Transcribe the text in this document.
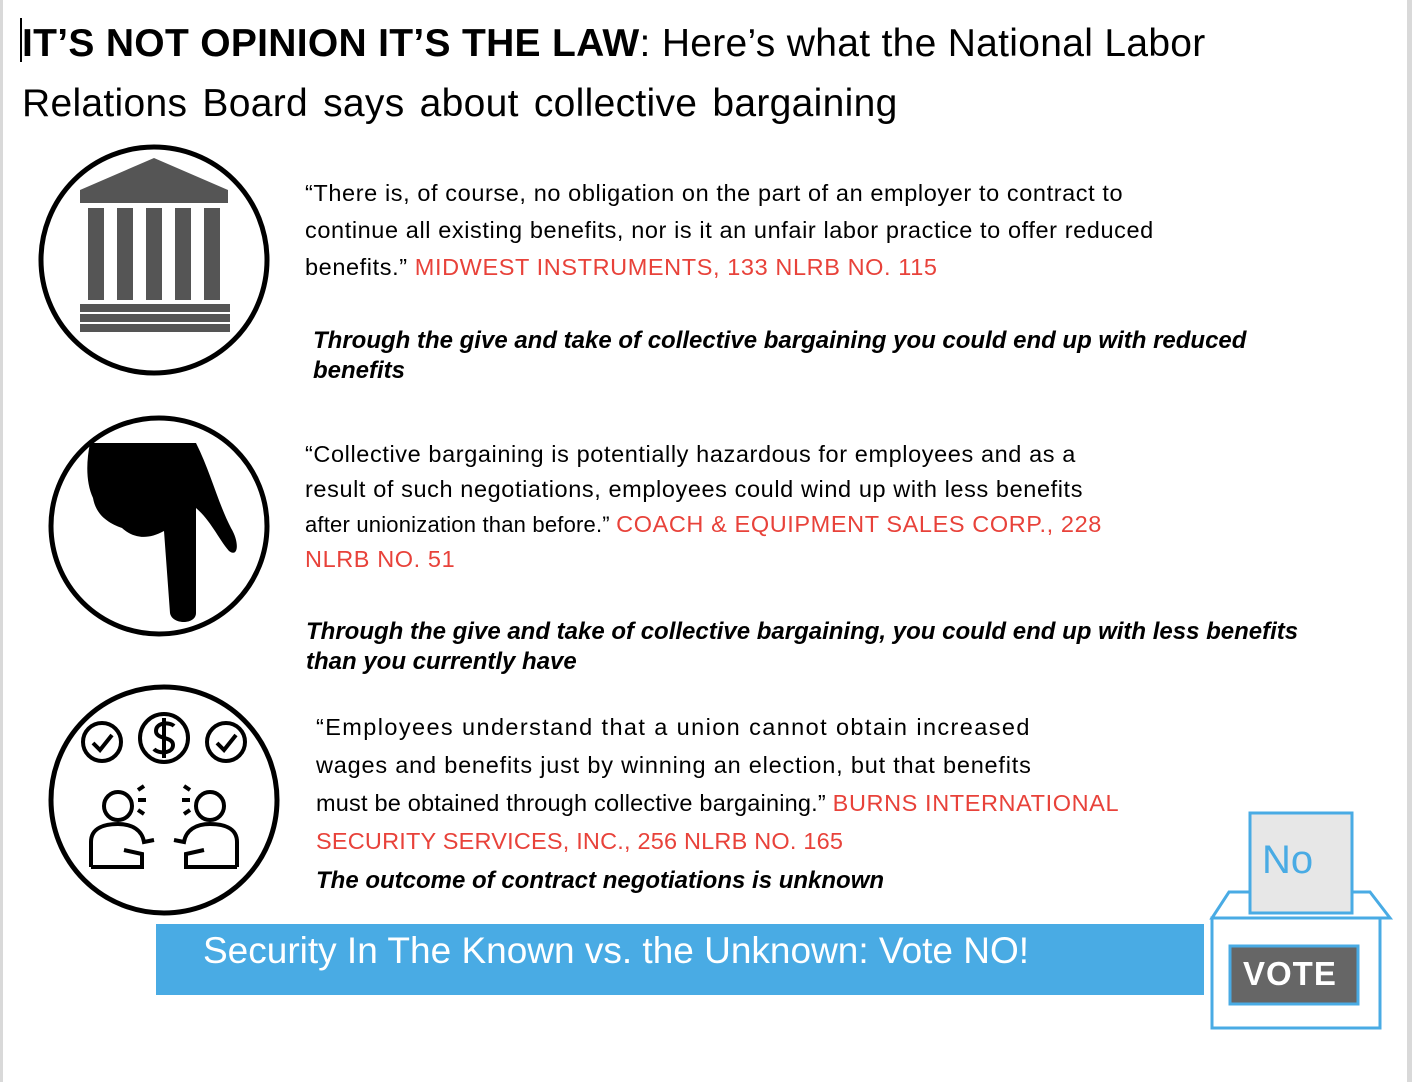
IT’S NOT OPINION IT’S THE LAW: Here’s what the National Labor
Relations Board says about collective bargaining
“There is, of course, no obligation on the part of an employer to contract to
continue all existing benefits, nor is it an unfair labor practice to offer reduced
benefits.” MIDWEST INSTRUMENTS, 133 NLRB NO. 115
Through the give and take of collective bargaining you could end up with reduced
benefits
“Collective bargaining is potentially hazardous for employees and as a
result of such negotiations, employees could wind up with less benefits
after unionization than before.” COACH & EQUIPMENT SALES CORP., 228
NLRB NO. 51
Through the give and take of collective bargaining, you could end up with less benefits
than you currently have
“Employees understand that a union cannot obtain increased
wages and benefits just by winning an election, but that benefits
must be obtained through collective bargaining.” BURNS INTERNATIONAL
SECURITY SERVICES, INC., 256 NLRB NO. 165
The outcome of contract negotiations is unknown
Security In The Known vs. the Unknown: Vote NO!
No
VOTE
